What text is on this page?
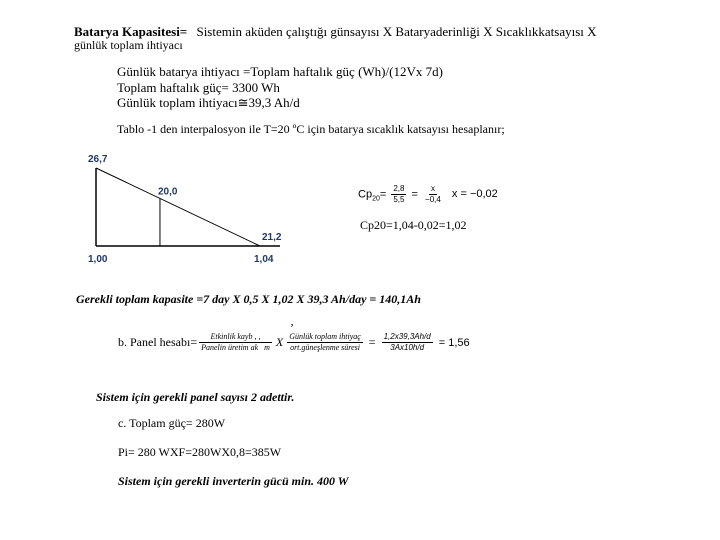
Batarya Kapasitesi= Sistemin aküden çalıştığı günsayısı X Bataryaderinliği X Sıcaklıkkatsayısı X
günlük toplam ihtiyacı
Günlük batarya ihtiyacı =Toplam haftalık güç (Wh)/(12Vx 7d)
Toplam haftalık güç= 3300 Wh
Günlük toplam ihtiyacı≅39,3 Ah/d
Tablo -1 den interpalosyon ile T=20 ºC için batarya sıcaklık katsayısı hesaplanır;
26,7
20,0
21,2
1,00	1,04
$Cp_{20}= \frac{2,8}{5,5} = \frac{x}{-0,4}$ x = −0,02
Cp20=1,04-0,02=1,02
Gerekli toplam kapasite =7 day X 0,5 X 1,02 X 39,3 Ah/day = 140,1Ah
‚
b. Panel hesabı= $\frac{\text{Etkinlik kayb , ,}}{\text{Panelin üretim ak m}}$ X $\frac{\text{Günlük toplam ihtiyaç}}{\text{ort.güneşlenme süresi}} = \frac{1,2x39,3Ah/d}{3Ax10h/d} = 1,56$
Sistem için gerekli panel sayısı 2 adettir.
c. Toplam güç= 280W
Pi= 280 WXF=280WX0,8=385W
Sistem için gerekli inverterin gücü min. 400 W
